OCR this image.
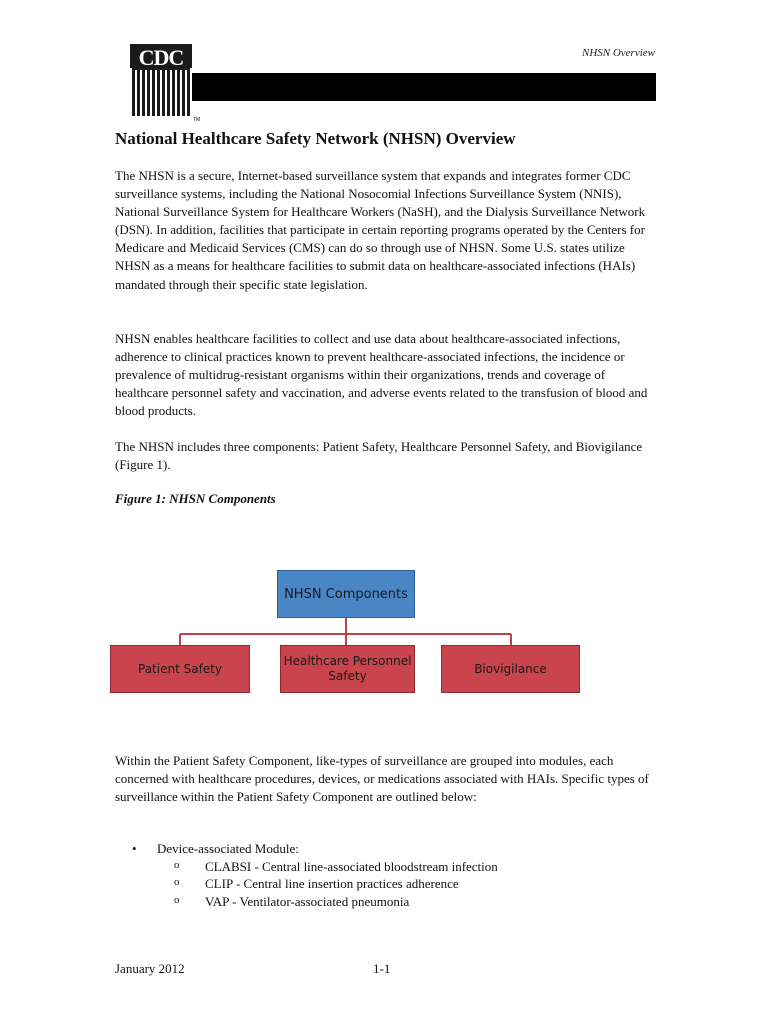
NHSN Overview
CDC
TM
National Healthcare Safety Network (NHSN) Overview

The NHSN is a secure, Internet-based surveillance system that expands and integrates former CDC surveillance systems, including the National Nosocomial Infections Surveillance System (NNIS), National Surveillance System for Healthcare Workers (NaSH), and the Dialysis Surveillance Network (DSN). In addition, facilities that participate in certain reporting programs operated by the Centers for Medicare and Medicaid Services (CMS) can do so through use of NHSN. Some U.S. states utilize NHSN as a means for healthcare facilities to submit data on healthcare-associated infections (HAIs) mandated through their specific state legislation.

NHSN enables healthcare facilities to collect and use data about healthcare-associated infections, adherence to clinical practices known to prevent healthcare-associated infections, the incidence or prevalence of multidrug-resistant organisms within their organizations, trends and coverage of healthcare personnel safety and vaccination, and adverse events related to the transfusion of blood and blood products.

The NHSN includes three components: Patient Safety, Healthcare Personnel Safety, and Biovigilance (Figure 1).

Figure 1: NHSN Components

NHSN Components
Patient Safety
Healthcare Personnel Safety
Biovigilance

Within the Patient Safety Component, like-types of surveillance are grouped into modules, each concerned with healthcare procedures, devices, or medications associated with HAIs. Specific types of surveillance within the Patient Safety Component are outlined below:

• Device-associated Module:
o CLABSI - Central line-associated bloodstream infection
o CLIP - Central line insertion practices adherence
o VAP - Ventilator-associated pneumonia
January 2012	1-1
